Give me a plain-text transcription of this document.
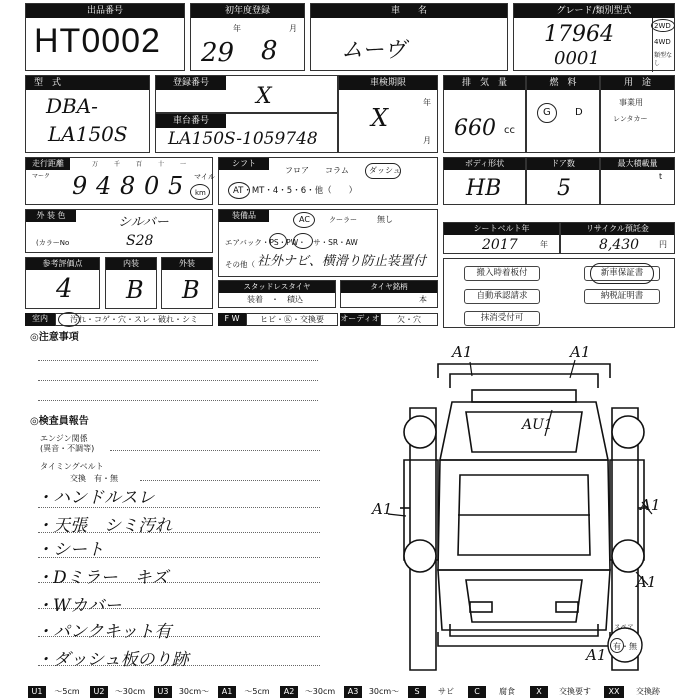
出品番号
HT0002
初年度登録
年	月
29 8
車　　名
ムーヴ
グレード/類別型式
17964
0001
2WD
4WD
類型なし
型　式
DBA-
LA150S
登録番号
X
車検期限
年
月
X
車台番号
LA150S-1059748
排　気　量
660 cc
燃　料
G D
用　途
事業用
レンタカー
走行距離
マーク
万	千	百	十	一
9 4 8 0 5 マイル
km
シフト
フロア コラム	ダッシュ
AT・MT・4・5・6・他（　　）
ボディ形状
HB
ドア数
5
最大積載量
t
外 装 色	シルバー
(カラーNo	S28
装備品	AC	クーラー	無し
エアバック・PS・PW・　サ・SR・AW
その他（ 社外ナビ、横滑り防止装置付
シートベルト年
2017	年
リサイクル預託金
8,430 円
参考評価点
4
内装
B
外装
B	スタッドレスタイヤ
装着　・　積込
タイヤ銘柄
本
搬入時着板付
自動承認請求
抹消受付可
新車保証書
納税証明書
室内	汚れ・コゲ・穴・スレ・破れ・シミ	F W	ヒビ・Ⓚ・交換要	オーディオ	欠・穴
◎注意事項
◎検査員報告
エンジン関係
(異音・不調等)
タイミングベルト
交換　有・無
・ハンドルスレ
・天張　シミ汚れ
・シート
・Dミラー　キズ
・Wカバー
・パンクキット有
・ダッシュ板のり跡
A1	A1
AU1
A1	A1
A1
A1
スペア
有・無
U1	～5cm	U2	～30cm	U3	30cm～	A1	～5cm	A2	～30cm	A3	30cm～	S	サビ	C	腐食	X	交換要す	XX	交換跡
